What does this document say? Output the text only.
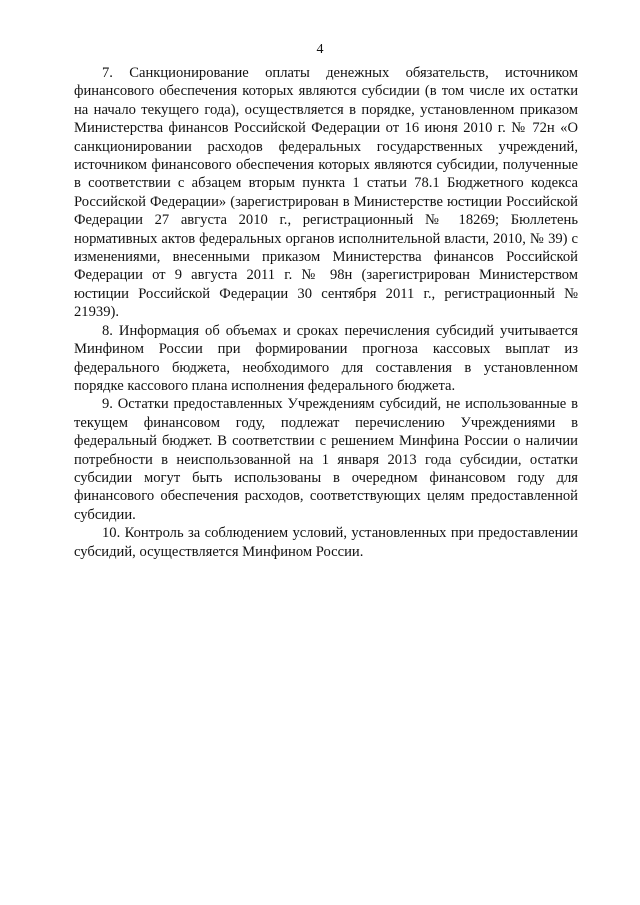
4

7. Санкционирование оплаты денежных обязательств, источником финансового обеспечения которых являются субсидии (в том числе их остатки на начало текущего года), осуществляется в порядке, установленном приказом Министерства финансов Российской Федерации от 16 июня 2010 г. № 72н «О санкционировании расходов федеральных государственных учреждений, источником финансового обеспечения которых являются субсидии, полученные в соответствии с абзацем вторым пункта 1 статьи 78.1 Бюджетного кодекса Российской Федерации» (зарегистрирован в Министерстве юстиции Российской Федерации 27 августа 2010 г., регистрационный № 18269; Бюллетень нормативных актов федеральных органов исполнительной власти, 2010, № 39) с изменениями, внесенными приказом Министерства финансов Российской Федерации от 9 августа 2011 г. № 98н (зарегистрирован Министерством юстиции Российской Федерации 30 сентября 2011 г., регистрационный № 21939).

8. Информация об объемах и сроках перечисления субсидий учитывается Минфином России при формировании прогноза кассовых выплат из федерального бюджета, необходимого для составления в установленном порядке кассового плана исполнения федерального бюджета.

9. Остатки предоставленных Учреждениям субсидий, не использованные в текущем финансовом году, подлежат перечислению Учреждениями в федеральный бюджет. В соответствии с решением Минфина России о наличии потребности в неиспользованной на 1 января 2013 года субсидии, остатки субсидии могут быть использованы в очередном финансовом году для финансового обеспечения расходов, соответствующих целям предоставленной субсидии.

10. Контроль за соблюдением условий, установленных при предоставлении субсидий, осуществляется Минфином России.
